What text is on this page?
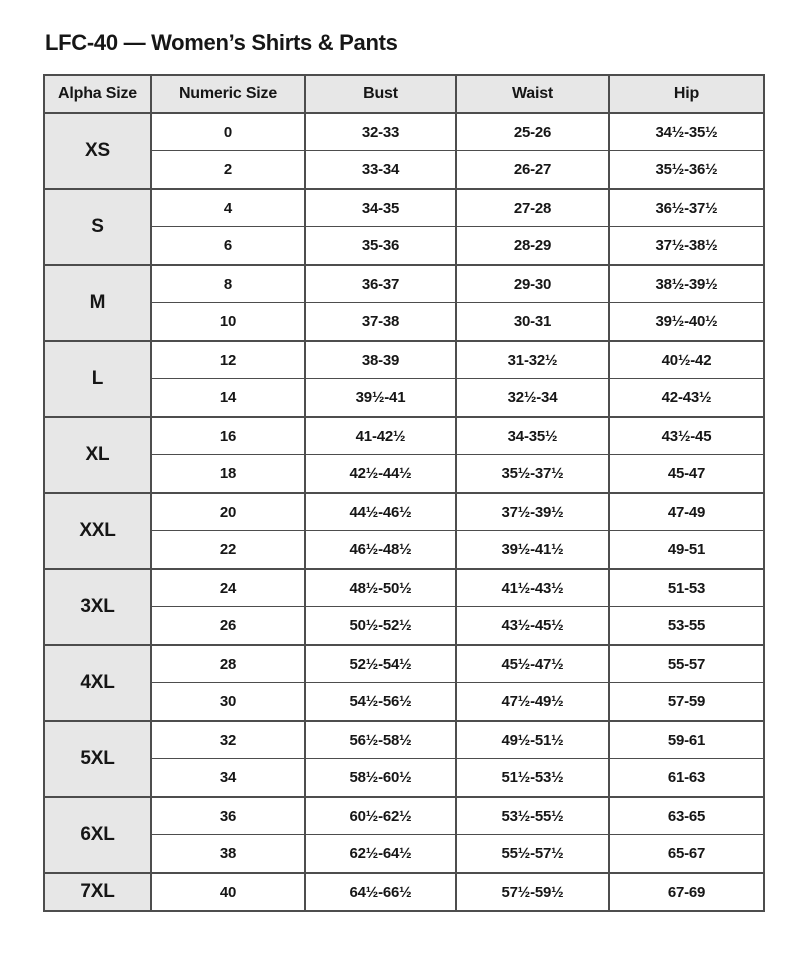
LFC-40 — Women’s Shirts & Pants
Alpha Size	Numeric Size	Bust	Waist	Hip
XS	0	32-33	25-26	34½-35½
	2	33-34	26-27	35½-36½
S	4	34-35	27-28	36½-37½
	6	35-36	28-29	37½-38½
M	8	36-37	29-30	38½-39½
	10	37-38	30-31	39½-40½
L	12	38-39	31-32½	40½-42
	14	39½-41	32½-34	42-43½
XL	16	41-42½	34-35½	43½-45
	18	42½-44½	35½-37½	45-47
XXL	20	44½-46½	37½-39½	47-49
	22	46½-48½	39½-41½	49-51
3XL	24	48½-50½	41½-43½	51-53
	26	50½-52½	43½-45½	53-55
4XL	28	52½-54½	45½-47½	55-57
	30	54½-56½	47½-49½	57-59
5XL	32	56½-58½	49½-51½	59-61
	34	58½-60½	51½-53½	61-63
6XL	36	60½-62½	53½-55½	63-65
	38	62½-64½	55½-57½	65-67
7XL	40	64½-66½	57½-59½	67-69
